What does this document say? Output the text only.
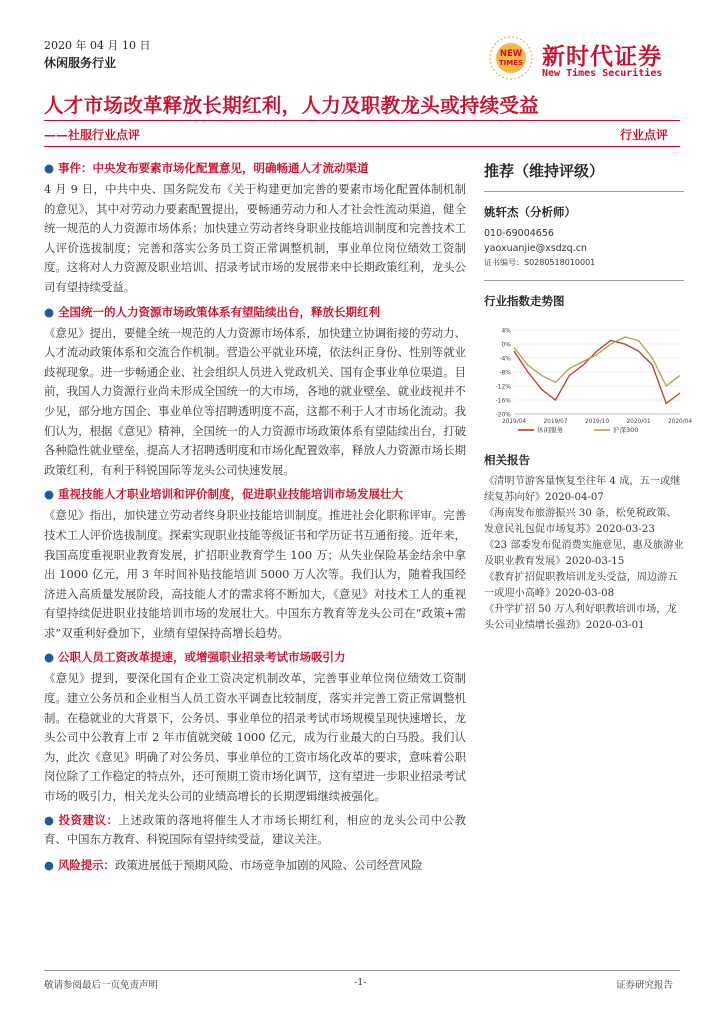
2020 年 04 月 10 日
休闲服务行业
NEW
TIMES 新时代证券
New Times Securities
人才市场改革释放长期红利，人力及职教龙头或持续受益
——社服行业点评	行业点评
● 事件：中央发布要素市场化配置意见，明确畅通人才流动渠道

4 月 9 日，中共中央、国务院发布《关于构建更加完善的要素市场化配置体制机制的意见》，其中对劳动力要素配置提出，要畅通劳动力和人才社会性流动渠道，健全统一规范的人力资源市场体系；加快建立劳动者终身职业技能培训制度和完善技术工人评价选拔制度；完善和落实公务员工资正常调整机制，事业单位岗位绩效工资制度。这将对人力资源及职业培训、招录考试市场的发展带来中长期政策红利，龙头公司有望持续受益。

● 全国统一的人力资源市场政策体系有望陆续出台，释放长期红利

《意见》提出，要健全统一规范的人力资源市场体系，加快建立协调衔接的劳动力、人才流动政策体系和交流合作机制。营造公平就业环境，依法纠正身份、性别等就业歧视现象。进一步畅通企业、社会组织人员进入党政机关、国有企事业单位渠道。目前，我国人力资源行业尚未形成全国统一的大市场，各地的就业壁垒、就业歧视并不少见，部分地方国企、事业单位等招聘透明度不高，这都不利于人才市场化流动。我们认为，根据《意见》精神，全国统一的人力资源市场政策体系有望陆续出台，打破各种隐性就业壁垒，提高人才招聘透明度和市场化配置效率，释放人力资源市场长期政策红利，有利于科锐国际等龙头公司快速发展。

● 重视技能人才职业培训和评价制度，促进职业技能培训市场发展壮大

《意见》指出，加快建立劳动者终身职业技能培训制度。推进社会化职称评审。完善技术工人评价选拔制度。探索实现职业技能等级证书和学历证书互通衔接。近年来，我国高度重视职业教育发展，扩招职业教育学生 100 万；从失业保险基金结余中拿出 1000 亿元，用 3 年时间补贴技能培训 5000 万人次等。我们认为，随着我国经济进入高质量发展阶段，高技能人才的需求将不断加大，《意见》对技术工人的重视有望持续促进职业技能培训市场的发展壮大。中国东方教育等龙头公司在“政策+需求”双重利好叠加下，业绩有望保持高增长趋势。

● 公职人员工资改革提速，或增强职业招录考试市场吸引力

《意见》提到，要深化国有企业工资决定机制改革，完善事业单位岗位绩效工资制度。建立公务员和企业相当人员工资水平调查比较制度，落实并完善工资正常调整机制。在稳就业的大背景下，公务员、事业单位的招录考试市场规模呈现快速增长，龙头公司中公教育上市 2 年市值就突破 1000 亿元，成为行业最大的白马股。我们认为，此次《意见》明确了对公务员、事业单位的工资市场化改革的要求，意味着公职岗位除了工作稳定的特点外，还可预期工资市场化调节，这有望进一步职业招录考试市场的吸引力，相关龙头公司的业绩高增长的长期逻辑继续被强化。

● 投资建议：上述政策的落地将催生人才市场长期红利，相应的龙头公司中公教育、中国东方教育、科锐国际有望持续受益，建议关注。

● 风险提示：政策进展低于预期风险、市场竞争加剧的风险、公司经营风险

推荐（维持评级）
姚轩杰（分析师）
010-69004656
yaoxuanjie@xsdzq.cn
证书编号：S0280518010001
行业指数走势图
4%
0%
-4%
-8%
-12%
-16%
-20%
2019/04	2019/07	2019/10	2020/01	2020/04
休闲服务	沪深300
相关报告
《清明节游客量恢复至往年 4 成，五一或继续复苏向好》2020-04-07
《海南发布旅游振兴 30 条，松免税政策、发意民礼包促市场复苏》2020-03-23
《23 部委发布促消费实施意见，惠及旅游业及职业教育发展》2020-03-15
《教育扩招促职教培训龙头受益，周边游五一或迎小高峰》2020-03-08
《升学扩招 50 万人利好职教培训市场，龙头公司业绩增长强劲》2020-03-01
敬请参阅最后一页免责声明	-1-	证券研究报告
